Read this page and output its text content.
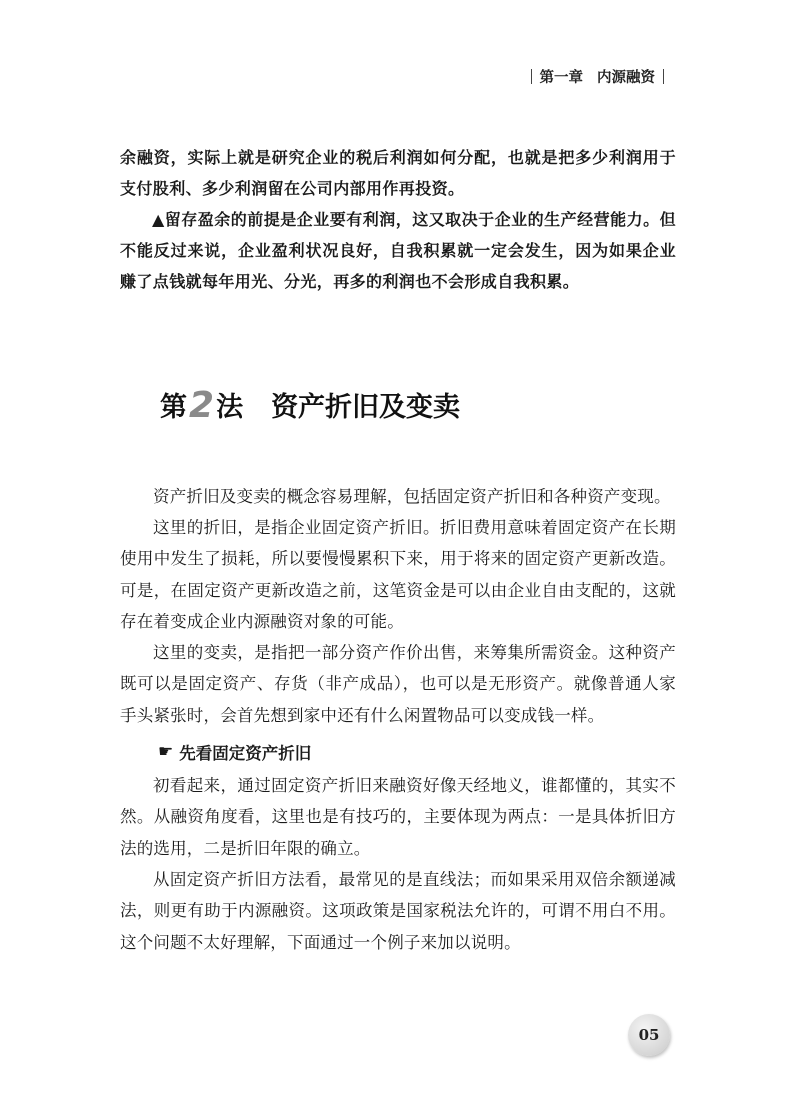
第一章 内源融资

余融资，实际上就是研究企业的税后利润如何分配，也就是把多少利润用于支付股利、多少利润留在公司内部用作再投资。

▲留存盈余的前提是企业要有利润，这又取决于企业的生产经营能力。但不能反过来说，企业盈利状况良好，自我积累就一定会发生，因为如果企业赚了点钱就每年用光、分光，再多的利润也不会形成自我积累。

第 2 法 资产折旧及变卖

资产折旧及变卖的概念容易理解，包括固定资产折旧和各种资产变现。

这里的折旧，是指企业固定资产折旧。折旧费用意味着固定资产在长期使用中发生了损耗，所以要慢慢累积下来，用于将来的固定资产更新改造。可是，在固定资产更新改造之前，这笔资金是可以由企业自由支配的，这就存在着变成企业内源融资对象的可能。

这里的变卖，是指把一部分资产作价出售，来筹集所需资金。这种资产既可以是固定资产、存货（非产成品），也可以是无形资产。就像普通人家手头紧张时，会首先想到家中还有什么闲置物品可以变成钱一样。

☛ 先看固定资产折旧

初看起来，通过固定资产折旧来融资好像天经地义，谁都懂的，其实不然。从融资角度看，这里也是有技巧的，主要体现为两点：一是具体折旧方法的选用，二是折旧年限的确立。

从固定资产折旧方法看，最常见的是直线法；而如果采用双倍余额递减法，则更有助于内源融资。这项政策是国家税法允许的，可谓不用白不用。这个问题不太好理解，下面通过一个例子来加以说明。

05
